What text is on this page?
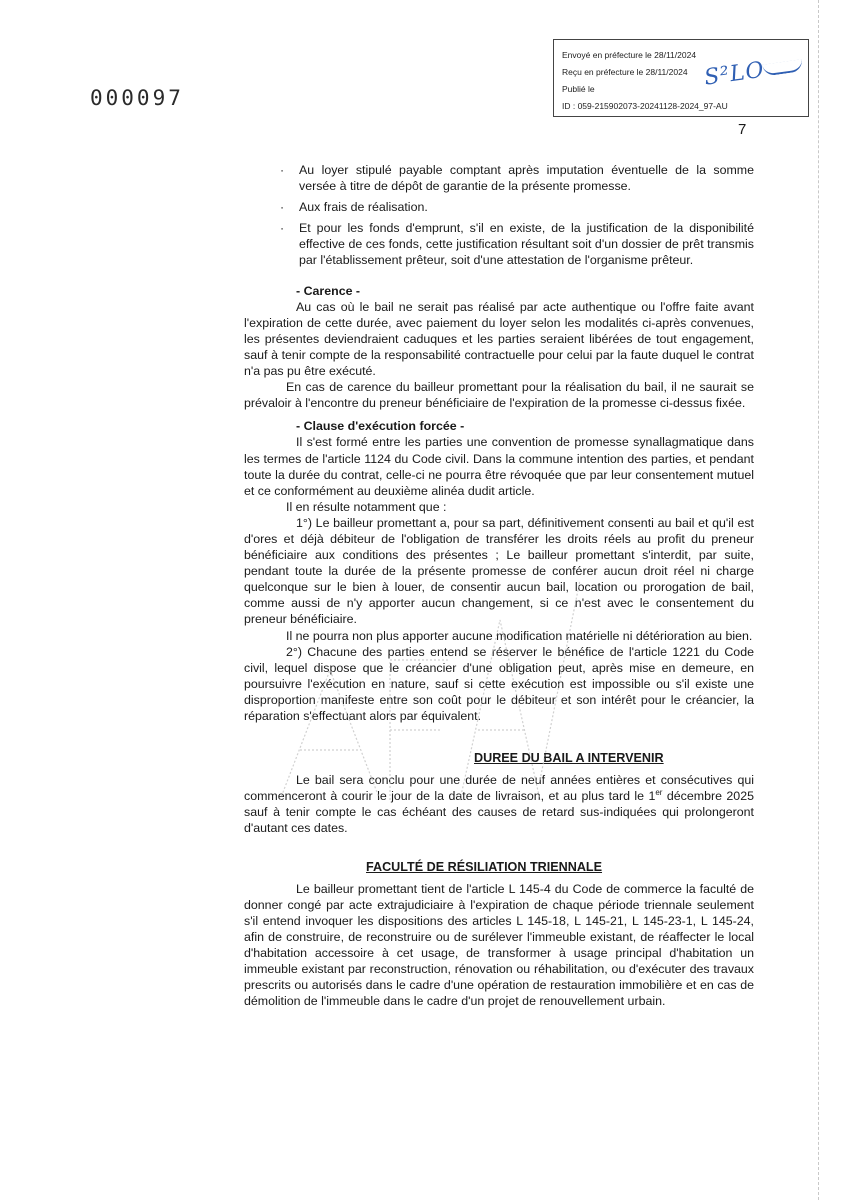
000097
Envoyé en préfecture le 28/11/2024
Reçu en préfecture le 28/11/2024
Publié le
ID : 059-215902073-20241128-2024_97-AU
S²LO
7

· Au loyer stipulé payable comptant après imputation éventuelle de la somme versée à titre de dépôt de garantie de la présente promesse.

· Aux frais de réalisation.

· Et pour les fonds d'emprunt, s'il en existe, de la justification de la disponibilité effective de ces fonds, cette justification résultant soit d'un dossier de prêt transmis par l'établissement prêteur, soit d'une attestation de l'organisme prêteur.

- Carence -

Au cas où le bail ne serait pas réalisé par acte authentique ou l'offre faite avant l'expiration de cette durée, avec paiement du loyer selon les modalités ci-après convenues, les présentes deviendraient caduques et les parties seraient libérées de tout engagement, sauf à tenir compte de la responsabilité contractuelle pour celui par la faute duquel le contrat n'a pas pu être exécuté.

En cas de carence du bailleur promettant pour la réalisation du bail, il ne saurait se prévaloir à l'encontre du preneur bénéficiaire de l'expiration de la promesse ci-dessus fixée.

- Clause d'exécution forcée -

Il s'est formé entre les parties une convention de promesse synallagmatique dans les termes de l'article 1124 du Code civil. Dans la commune intention des parties, et pendant toute la durée du contrat, celle-ci ne pourra être révoquée que par leur consentement mutuel et ce conformément au deuxième alinéa dudit article.

Il en résulte notamment que :

1°) Le bailleur promettant a, pour sa part, définitivement consenti au bail et qu'il est d'ores et déjà débiteur de l'obligation de transférer les droits réels au profit du preneur bénéficiaire aux conditions des présentes ; Le bailleur promettant s'interdit, par suite, pendant toute la durée de la présente promesse de conférer aucun droit réel ni charge quelconque sur le bien à louer, de consentir aucun bail, location ou prorogation de bail, comme aussi de n'y apporter aucun changement, si ce n'est avec le consentement du preneur bénéficiaire.

Il ne pourra non plus apporter aucune modification matérielle ni détérioration au bien.

2°) Chacune des parties entend se réserver le bénéfice de l'article 1221 du Code civil, lequel dispose que le créancier d'une obligation peut, après mise en demeure, en poursuivre l'exécution en nature, sauf si cette exécution est impossible ou s'il existe une disproportion manifeste entre son coût pour le débiteur et son intérêt pour le créancier, la réparation s'effectuant alors par équivalent.

DUREE DU BAIL A INTERVENIR

Le bail sera conclu pour une durée de neuf années entières et consécutives qui commenceront à courir le jour de la date de livraison, et au plus tard le 1er décembre 2025 sauf à tenir compte le cas échéant des causes de retard sus-indiquées qui prolongeront d'autant ces dates.

FACULTÉ DE RÉSILIATION TRIENNALE

Le bailleur promettant tient de l'article L 145-4 du Code de commerce la faculté de donner congé par acte extrajudiciaire à l'expiration de chaque période triennale seulement s'il entend invoquer les dispositions des articles L 145-18, L 145-21, L 145-23-1, L 145-24, afin de construire, de reconstruire ou de surélever l'immeuble existant, de réaffecter le local d'habitation accessoire à cet usage, de transformer à usage principal d'habitation un immeuble existant par reconstruction, rénovation ou réhabilitation, ou d'exécuter des travaux prescrits ou autorisés dans le cadre d'une opération de restauration immobilière et en cas de démolition de l'immeuble dans le cadre d'un projet de renouvellement urbain.
